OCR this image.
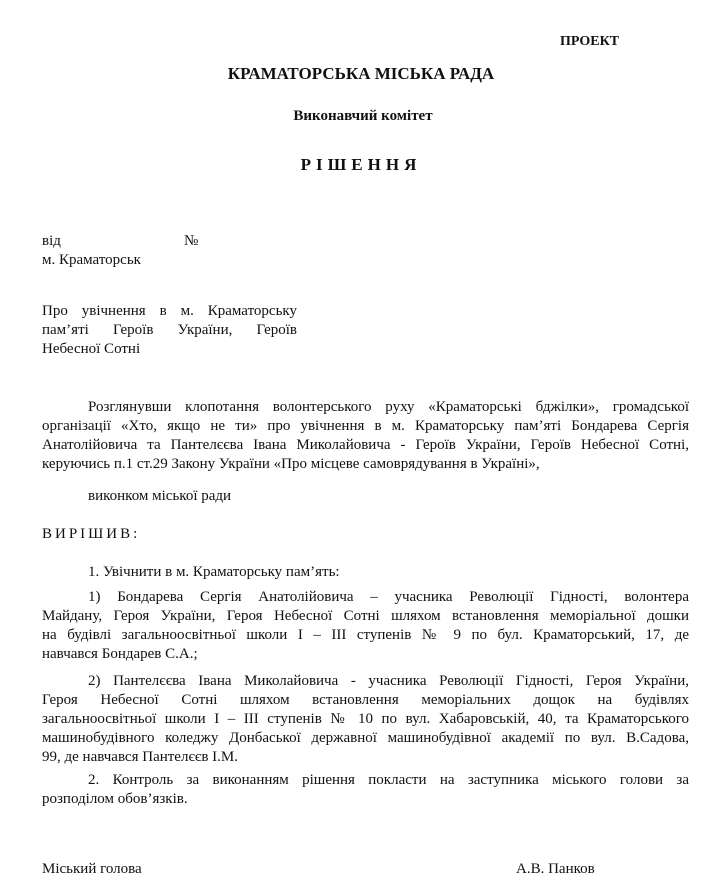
ПРОЕКТ
КРАМАТОРСЬКА МІСЬКА РАДА
Виконавчий комітет
РІШЕННЯ
від	№
м. Краматорськ
Про увічнення в м. Краматорську
пам’яті Героїв України, Героїв
Небесної Сотні
Розглянувши клопотання волонтерського руху «Краматорські бджілки», громадської
організації «Хто, якщо не ти» про увічнення в м. Краматорську пам’яті Бондарева Сергія
Анатолійовича та Пантелєєва Івана Миколайовича - Героїв України, Героїв Небесної Сотні,
керуючись п.1 ст.29 Закону України «Про місцеве самоврядування в Україні»,
виконком міської ради
ВИРІШИВ:
1. Увічнити в м. Краматорську пам’ять:
1) Бондарева Сергія Анатолійовича – учасника Революції Гідності, волонтера
Майдану, Героя України, Героя Небесної Сотні шляхом встановлення меморіальної дошки
на будівлі загальноосвітньої школи І – ІІІ ступенів № 9 по бул. Краматорський, 17, де
навчався Бондарев С.А.;
2) Пантелєєва Івана Миколайовича - учасника Революції Гідності, Героя України,
Героя Небесної Сотні шляхом встановлення меморіальних дощок на будівлях
загальноосвітньої школи І – ІІІ ступенів № 10 по вул. Хабаровській, 40, та Краматорського
машинобудівного коледжу Донбаської державної машинобудівної академії по вул. В.Садова,
99, де навчався Пантелєєв І.М.
2. Контроль за виконанням рішення покласти на заступника міського голови за
розподілом обов’язків.
Міський голова	А.В. Панков
